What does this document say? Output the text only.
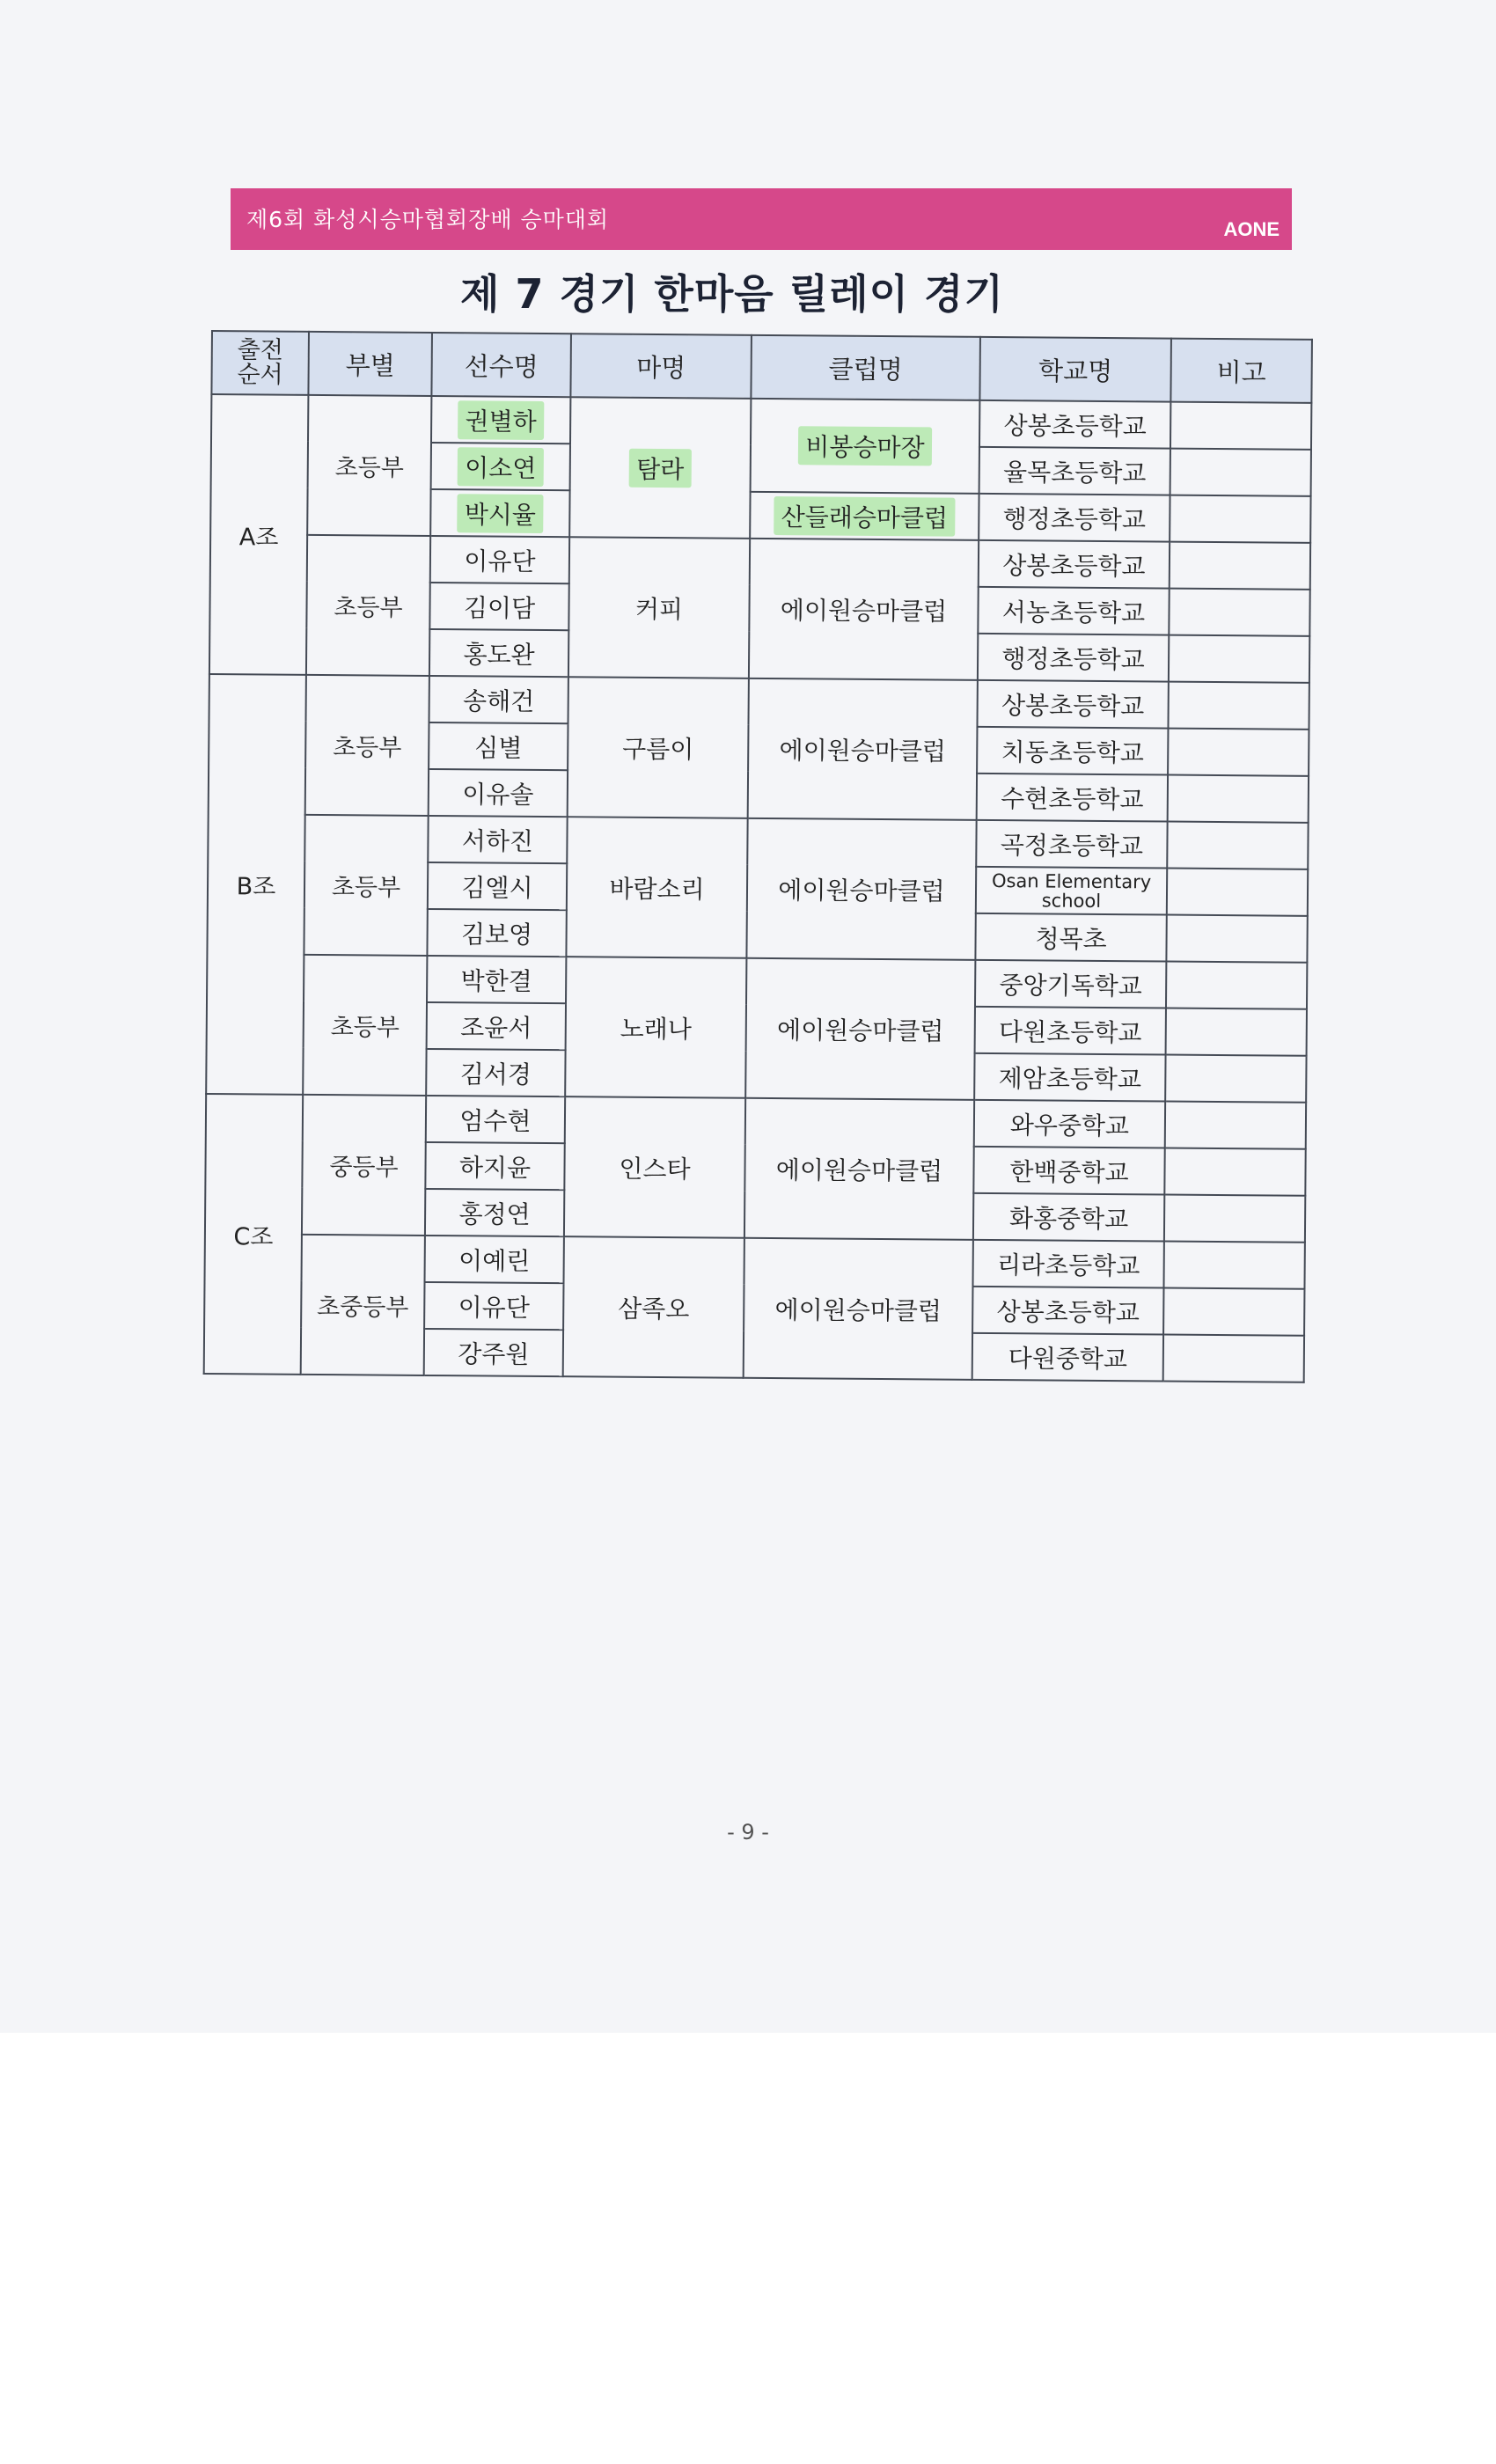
제6회 화성시승마협회장배 승마대회	AONE
제 7 경기 한마음 릴레이 경기
출전
순서	부별	선수명	마명	클럽명	학교명	비고
A조	초등부	권별하	탐라	비봉승마장	상봉초등학교	
		이소연			율목초등학교	
		박시율		산들래승마클럽	행정초등학교	
	초등부	이유단	커피	에이원승마클럽	상봉초등학교	
		김이담			서농초등학교	
		홍도완			행정초등학교	
B조	초등부	송해건	구름이	에이원승마클럽	상봉초등학교	
		심별			치동초등학교	
		이유솔			수현초등학교	
	초등부	서하진	바람소리	에이원승마클럽	곡정초등학교	
		김엘시			Osan Elementary school	
		김보영			청목초	
	초등부	박한결	노래나	에이원승마클럽	중앙기독학교	
		조윤서			다원초등학교	
		김서경			제암초등학교	
C조	중등부	엄수현	인스타	에이원승마클럽	와우중학교	
		하지윤			한백중학교	
		홍정연			화홍중학교	
	초중등부	이예린	삼족오	에이원승마클럽	리라초등학교	
		이유단			상봉초등학교	
		강주원			다원중학교	
- 9 -
